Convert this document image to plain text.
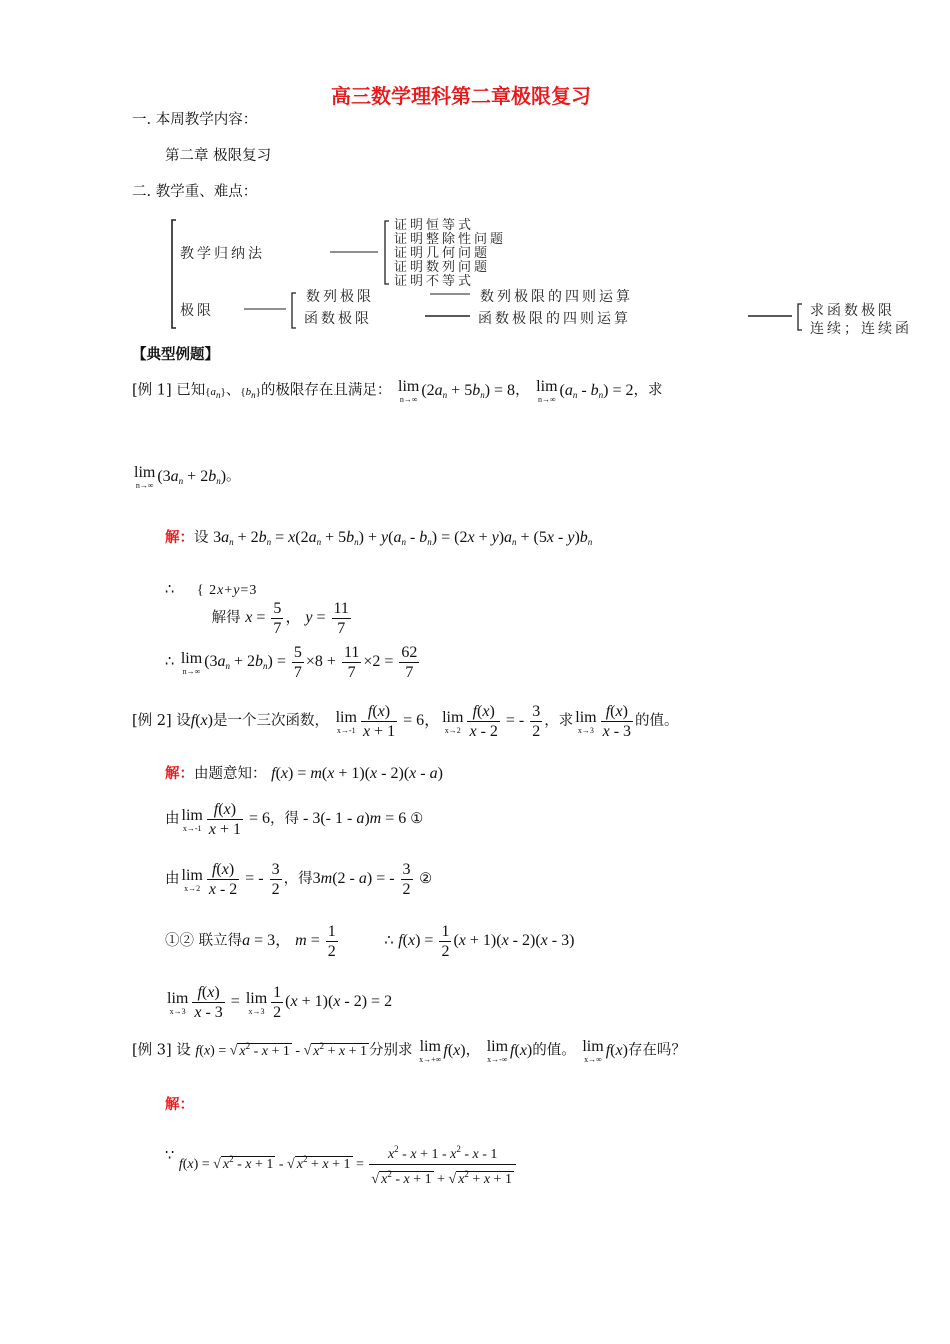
高三数学理科第二章极限复习
一. 本周教学内容：
第二章 极限复习
二. 教学重、难点：
教学归纳法
证明恒等式
证明整除性问题
证明几何问题
证明数列问题
证明不等式
极限
数列极限	数列极限的四则运算
函数极限	函数极限的四则运算	求函数极限
连续；连续函
【典型例题】
[例 1] 已知$\{a_n\}$、$\{b_n\}$的极限存在且满足： lim
n→∞
$(2a_n + 5b_n) = 8$， lim
n→∞
$(a_n - b_n) = 2$，求
lim
n→∞
$(3a_n + 2b_n)$。
解：设 $3a_n + 2b_n = x(2a_n + 5b_n) + y(a_n - b_n) = (2x + y)a_n + (5x - y)b_n$
∴ { 2x+y=3
解得 $x = \frac{5}{7}$ ， $y = \frac{11}{7}$
∴ lim
n→∞
$(3a_n + 2b_n) = \frac{5}{7} \times 8 + \frac{11}{7} \times 2 = \frac{62}{7}$
[例 2] 设f(x)是一个三次函数， lim
$x\to-1 \frac{f(x)}{x + 1} = 6$， lim
$x\to 2 \frac{f(x)}{x - 2}$ = - $\frac{3}{2}$ ，求 lim
$x\to 3 \frac{f(x)}{x - 3}$ 的值。
解：由题意知： f(x) = m(x + 1)(x - 2)(x - a)
由 lim
$x\to-1 \frac{f(x)}{x + 1} = 6$，得 - 3(- 1 - a)m = 6 ①
由 lim
$x\to 2 \frac{f(x)}{x - 2}$ = - $\frac{3}{2}$ ，得3m(2 - a) = - $\frac{3}{2}$ ②
①② 联立得a = 3， $m = \frac{1}{2}$	∴ $f(x) = \frac{1}{2} (x + 1)(x - 2)(x - 3)$
lim
$x\to 3 \frac{f(x)}{x - 3} = \lim$
$x\to 3 \frac{1}{2} (x + 1)(x - 2) = 2$
[例 3] 设 f(x) = √ $x^2 - x + 1$ - √ $x^2 + x + 1$ 分别求 lim
x→+∞
f(x)， lim
x→-∞
f(x)的值。 lim
x→∞
f(x)存在吗？
解：
∵ f(x) = √ $x^2 - x + 1$ - √ $x^2 + x + 1 = \frac{x^2 - x + 1 - x^2 - x - 1}{√ x^2 - x + 1 + √ x^2 + x + 1}$
